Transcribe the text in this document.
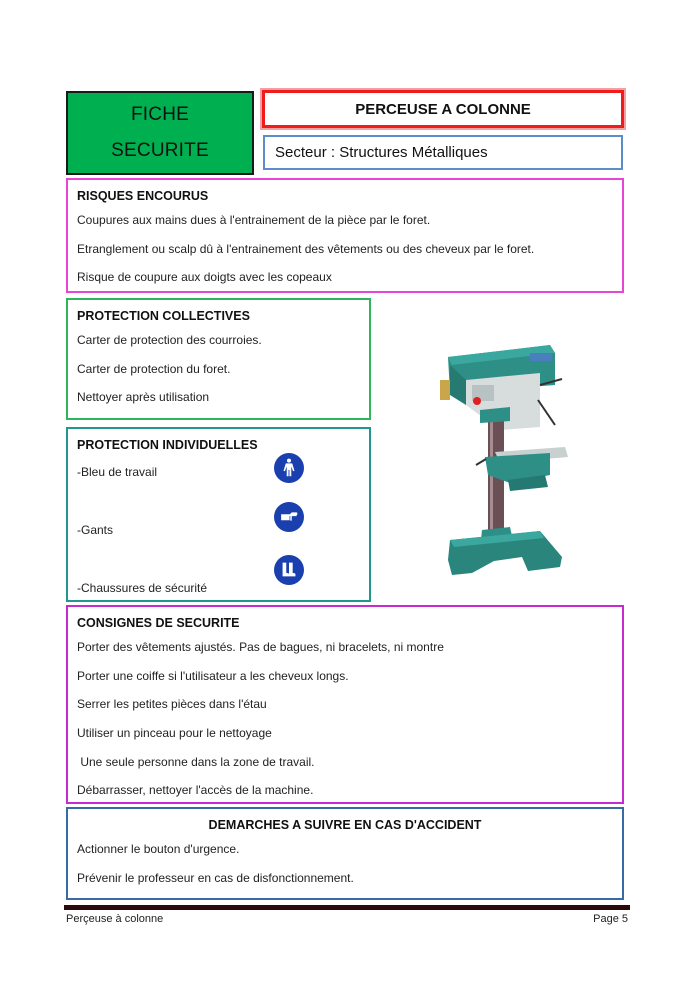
FICHE
SECURITE
PERCEUSE A COLONNE
Secteur : Structures Métalliques
RISQUES ENCOURUS
Coupures aux mains dues à l'entrainement de la pièce par le foret.
Etranglement ou scalp dû à l'entrainement des vêtements ou des cheveux par le foret.
Risque de coupure aux doigts avec les copeaux
PROTECTION COLLECTIVES
Carter de protection des courroies.
Carter de protection du foret.
Nettoyer après utilisation
PROTECTION INDIVIDUELLES
-Bleu de travail
-Gants
-Chaussures de sécurité
CONSIGNES DE SECURITE
Porter des vêtements ajustés. Pas de bagues, ni bracelets, ni montre
Porter une coiffe si l'utilisateur a les cheveux longs.
Serrer les petites pièces dans l'étau
Utiliser un pinceau pour le nettoyage
Une seule personne dans la zone de travail.
Débarrasser, nettoyer l'accès de la machine.
DEMARCHES A SUIVRE EN CAS D'ACCIDENT
Actionner le bouton d'urgence.
Prévenir le professeur en cas de disfonctionnement.
Perçeuse à colonne	Page 5
